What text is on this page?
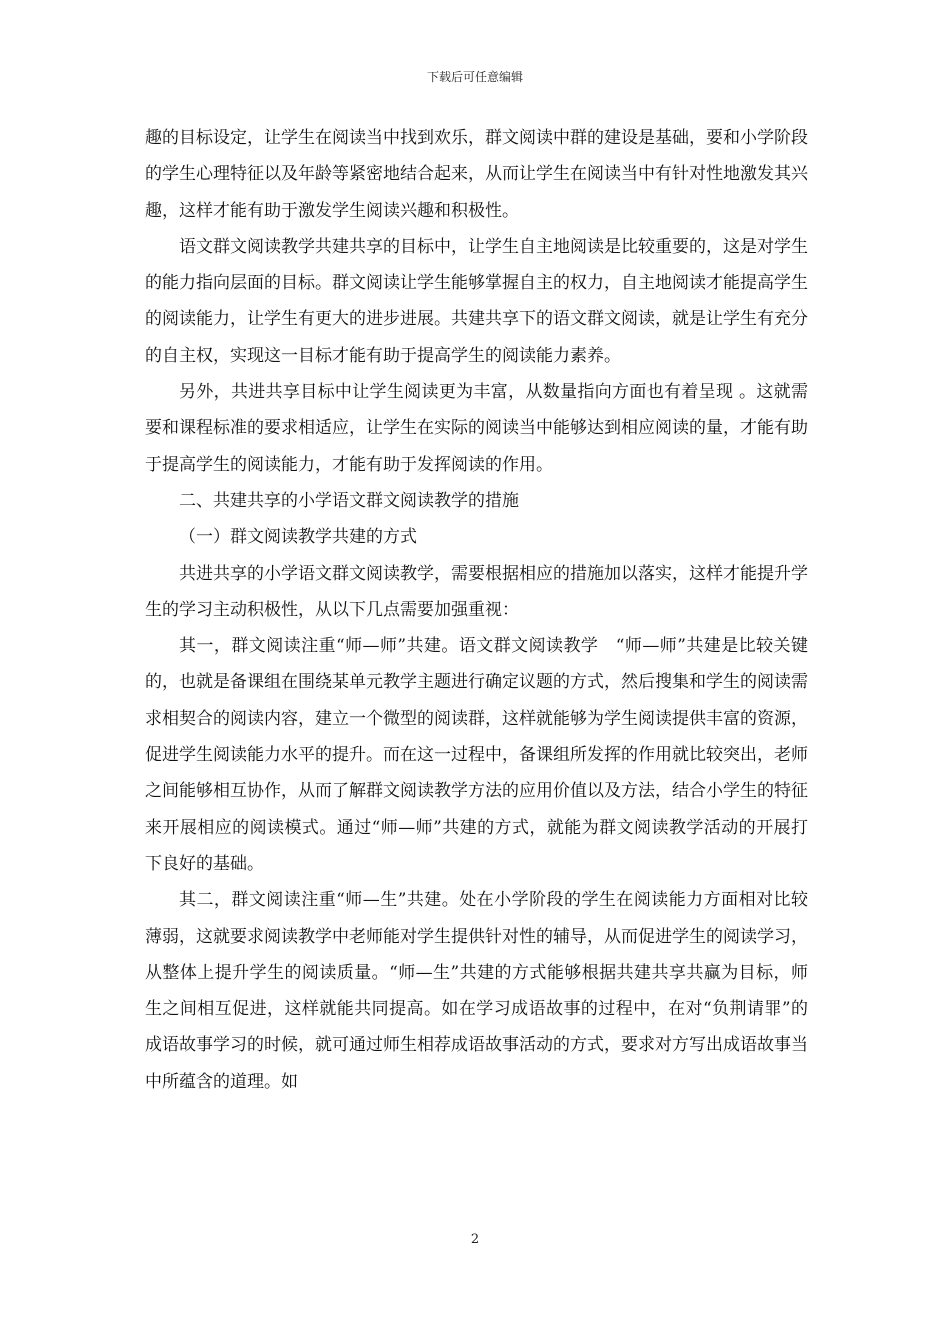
下载后可任意编辑

趣的目标设定，让学生在阅读当中找到欢乐，群文阅读中群的建设是基础，要和小学阶段的学生心理特征以及年龄等紧密地结合起来，从而让学生在阅读当中有针对性地激发其兴趣，这样才能有助于激发学生阅读兴趣和积极性。

语文群文阅读教学共建共享的目标中，让学生自主地阅读是比较重要的，这是对学生的能力指向层面的目标。群文阅读让学生能够掌握自主的权力，自主地阅读才能提高学生的阅读能力，让学生有更大的进步进展。共建共享下的语文群文阅读，就是让学生有充分的自主权，实现这一目标才能有助于提高学生的阅读能力素养。

另外，共进共享目标中让学生阅读更为丰富，从数量指向方面也有着呈现 。这就需要和课程标准的要求相适应，让学生在实际的阅读当中能够达到相应阅读的量，才能有助于提高学生的阅读能力，才能有助于发挥阅读的作用。

二、共建共享的小学语文群文阅读教学的措施

（一）群文阅读教学共建的方式

共进共享的小学语文群文阅读教学，需要根据相应的措施加以落实，这样才能提升学生的学习主动积极性，从以下几点需要加强重视：

其一，群文阅读注重“师—师”共建。语文群文阅读教学　“师—师”共建是比较关键的，也就是备课组在围绕某单元教学主题进行确定议题的方式，然后搜集和学生的阅读需求相契合的阅读内容，建立一个微型的阅读群，这样就能够为学生阅读提供丰富的资源，促进学生阅读能力水平的提升。而在这一过程中，备课组所发挥的作用就比较突出，老师之间能够相互协作，从而了解群文阅读教学方法的应用价值以及方法，结合小学生的特征来开展相应的阅读模式。通过“师—师”共建的方式，就能为群文阅读教学活动的开展打下良好的基础。

其二，群文阅读注重“师—生”共建。处在小学阶段的学生在阅读能力方面相对比较薄弱，这就要求阅读教学中老师能对学生提供针对性的辅导，从而促进学生的阅读学习，从整体上提升学生的阅读质量。“师—生”共建的方式能够根据共建共享共赢为目标，师生之间相互促进，这样就能共同提高。如在学习成语故事的过程中，在对“负荆请罪”的成语故事学习的时候，就可通过师生相荐成语故事活动的方式，要求对方写出成语故事当中所蕴含的道理。如

2
